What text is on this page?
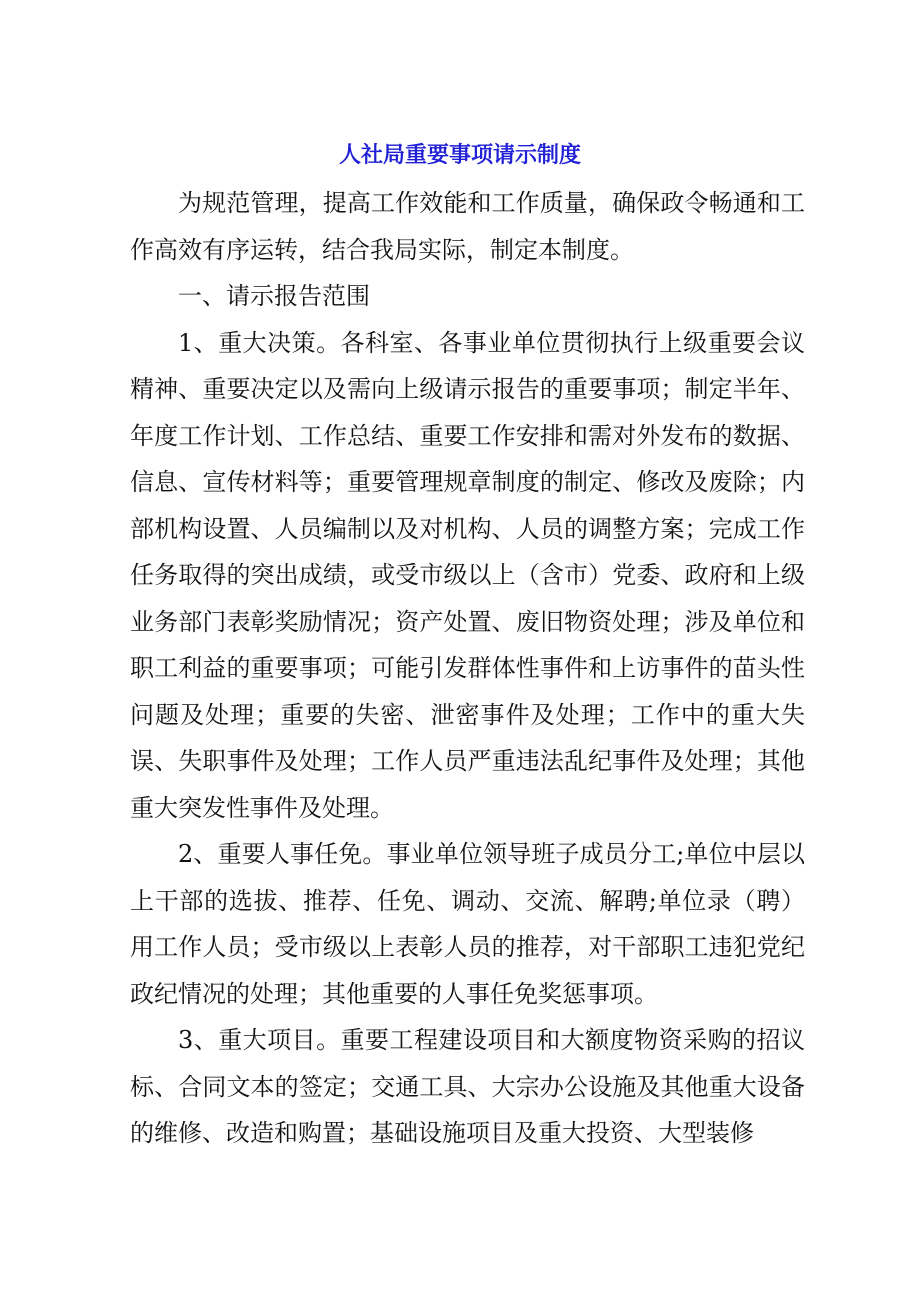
人社局重要事项请示制度

为规范管理，提高工作效能和工作质量，确保政令畅通和工作高效有序运转，结合我局实际，制定本制度。

一、请示报告范围

1、重大决策。各科室、各事业单位贯彻执行上级重要会议精神、重要决定以及需向上级请示报告的重要事项；制定半年、年度工作计划、工作总结、重要工作安排和需对外发布的数据、信息、宣传材料等；重要管理规章制度的制定、修改及废除；内部机构设置、人员编制以及对机构、人员的调整方案；完成工作任务取得的突出成绩，或受市级以上（含市）党委、政府和上级业务部门表彰奖励情况；资产处置、废旧物资处理；涉及单位和职工利益的重要事项；可能引发群体性事件和上访事件的苗头性问题及处理；重要的失密、泄密事件及处理；工作中的重大失误、失职事件及处理；工作人员严重违法乱纪事件及处理；其他重大突发性事件及处理。

2、重要人事任免。事业单位领导班子成员分工;单位中层以上干部的选拔、推荐、任免、调动、交流、解聘;单位录（聘）用工作人员；受市级以上表彰人员的推荐，对干部职工违犯党纪政纪情况的处理；其他重要的人事任免奖惩事项。

3、重大项目。重要工程建设项目和大额度物资采购的招议标、合同文本的签定；交通工具、大宗办公设施及其他重大设备的维修、改造和购置；基础设施项目及重大投资、大型装修
